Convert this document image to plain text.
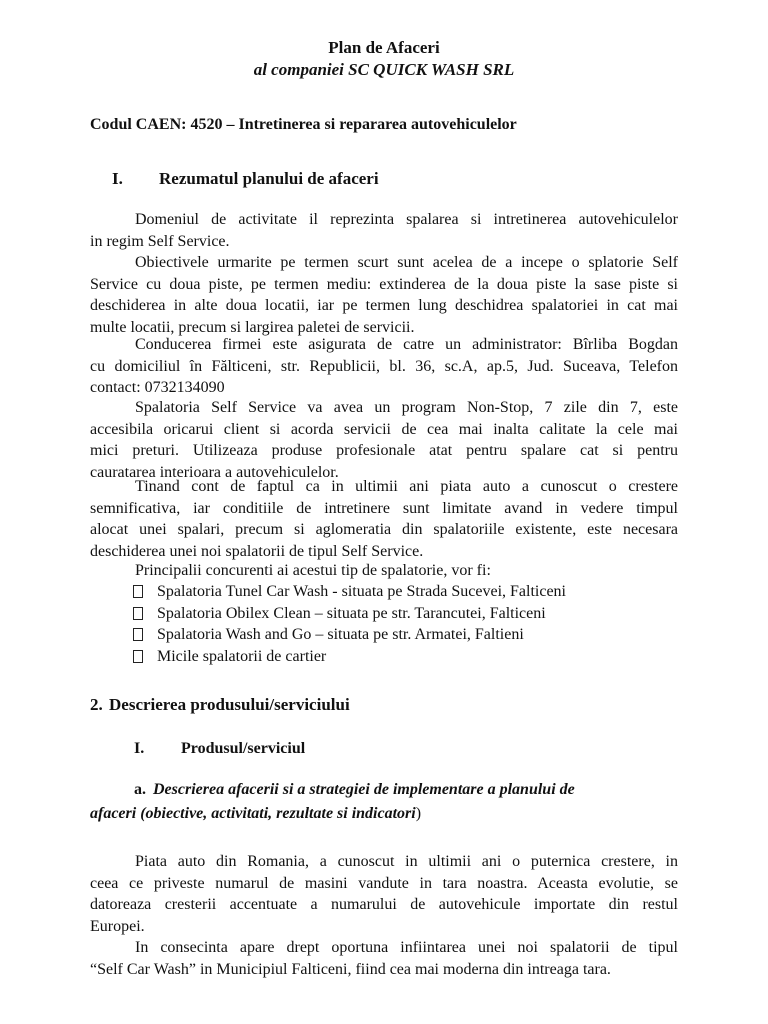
Plan de Afaceri
al companiei SC QUICK WASH SRL
Codul CAEN: 4520 – Intretinerea si repararea autovehiculelor
I. Rezumatul planului de afaceri
Domeniul de activitate il reprezinta spalarea si intretinerea autovehiculelor
in regim Self Service.
Obiectivele urmarite pe termen scurt sunt acelea de a incepe o splatorie Self
Service cu doua piste, pe termen mediu: extinderea de la doua piste la sase piste si
deschiderea in alte doua locatii, iar pe termen lung deschidrea spalatoriei in cat mai
multe locatii, precum si largirea paletei de servicii.
Conducerea firmei este asigurata de catre un administrator: Bîrliba Bogdan
cu domiciliul în Fălticeni, str. Republicii, bl. 36, sc.A, ap.5, Jud. Suceava, Telefon
contact: 0732134090
Spalatoria Self Service va avea un program Non-Stop, 7 zile din 7, este
accesibila oricarui client si acorda servicii de cea mai inalta calitate la cele mai
mici preturi. Utilizeaza produse profesionale atat pentru spalare cat si pentru
cauratarea interioara a autovehiculelor.
Tinand cont de faptul ca in ultimii ani piata auto a cunoscut o crestere
semnificativa, iar conditiile de intretinere sunt limitate avand in vedere timpul
alocat unei spalari, precum si aglomeratia din spalatoriile existente, este necesara
deschiderea unei noi spalatorii de tipul Self Service.
Principalii concurenti ai acestui tip de spalatorie, vor fi:
Spalatoria Tunel Car Wash - situata pe Strada Sucevei, Falticeni
Spalatoria Obilex Clean – situata pe str. Tarancutei, Falticeni
Spalatoria Wash and Go – situata pe str. Armatei, Faltieni
Micile spalatorii de cartier
2. Descrierea produsului/serviciului
I. Produsul/serviciul
a. Descrierea afacerii si a strategiei de implementare a planului de
afaceri (obiective, activitati, rezultate si indicatori)
Piata auto din Romania, a cunoscut in ultimii ani o puternica crestere, in
ceea ce priveste numarul de masini vandute in tara noastra. Aceasta evolutie, se
datoreaza cresterii accentuate a numarului de autovehicule importate din restul
Europei.
In consecinta apare drept oportuna infiintarea unei noi spalatorii de tipul
“Self Car Wash” in Municipiul Falticeni, fiind cea mai moderna din intreaga tara.
